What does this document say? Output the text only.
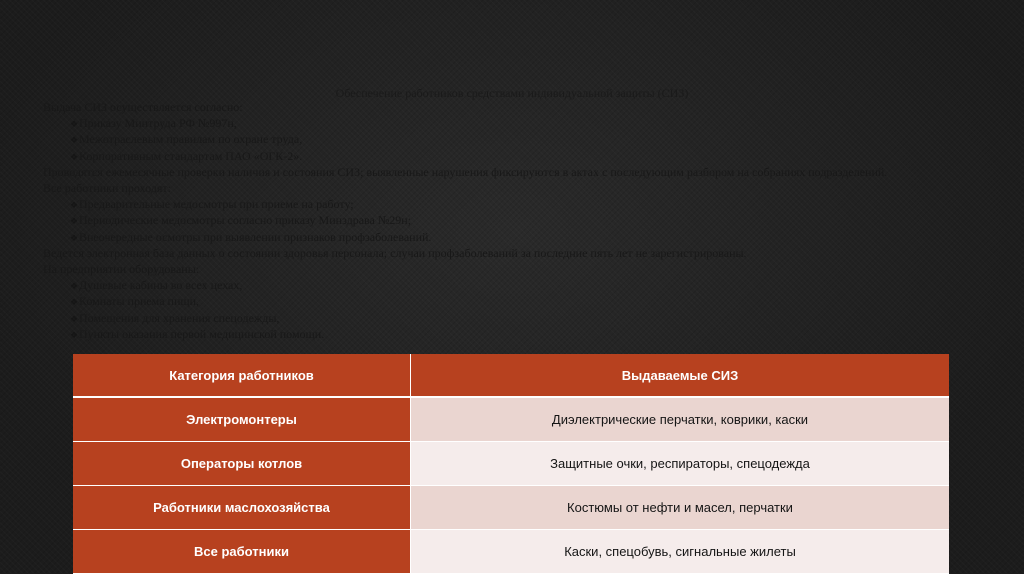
Обеспечение работников средствами индивидуальной защиты (СИЗ)
Выдача СИЗ осуществляется согласно:
❖Приказу Минтруда РФ №997н,
❖Межотраслевым правилам по охране труда,
❖Корпоративным стандартам ПАО «ОГК-2».
Проводятся ежемесячные проверки наличия и состояния СИЗ; выявленные нарушения фиксируются в актах с последующим разбором на собраниях подразделений.
Все работники проходят:
❖Предварительные медосмотры при приеме на работу;
❖Периодические медосмотры согласно приказу Минздрава №29н;
❖Внеочередные осмотры при выявлении признаков профзаболеваний.
Ведется электронная база данных о состоянии здоровья персонала; случаи профзаболеваний за последние пять лет не зарегистрированы.
На предприятии оборудованы:
❖Душевые кабины во всех цехах,
❖Комнаты приема пищи,
❖Помещения для хранения спецодежды,
❖Пункты оказания первой медицинской помощи.
Категория работников	Выдаваемые СИЗ
Электромонтеры	Диэлектрические перчатки, коврики, каски
Операторы котлов	Защитные очки, респираторы, спецодежда
Работники маслохозяйства	Костюмы от нефти и масел, перчатки
Все работники	Каски, спецобувь, сигнальные жилеты
